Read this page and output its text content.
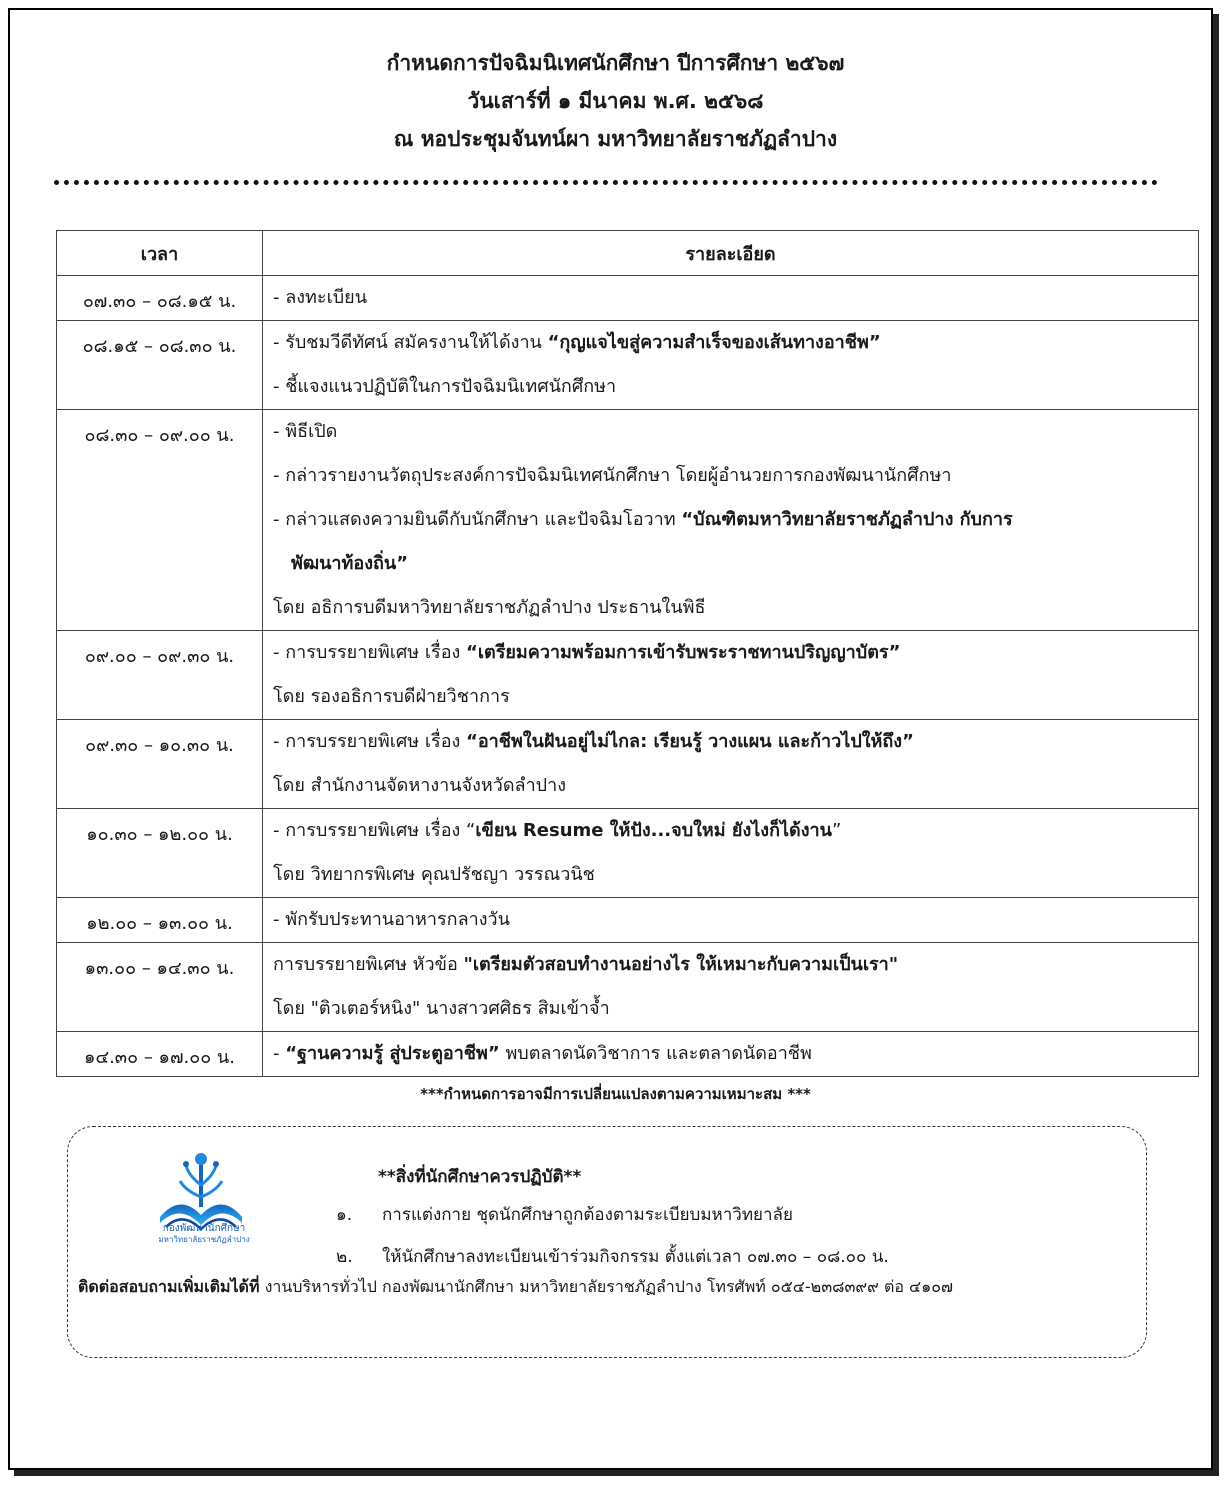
กำหนดการปัจฉิมนิเทศนักศึกษา ปีการศึกษา ๒๕๖๗
วันเสาร์ที่ ๑ มีนาคม พ.ศ. ๒๕๖๘
ณ หอประชุมจันทน์ผา มหาวิทยาลัยราชภัฏลำปาง
เวลา	รายละเอียด
๐๗.๓๐ – ๐๘.๑๕ น.	- ลงทะเบียน

๐๘.๑๕ – ๐๘.๓๐ น.	- รับชมวีดีทัศน์ สมัครงานให้ได้งาน “กุญแจไขสู่ความสำเร็จของเส้นทางอาชีพ”
- ชี้แจงแนวปฏิบัติในการปัจฉิมนิเทศนักศึกษา

๐๘.๓๐ – ๐๙.๐๐ น.	- พิธีเปิด
- กล่าวรายงานวัตถุประสงค์การปัจฉิมนิเทศนักศึกษา โดยผู้อำนวยการกองพัฒนานักศึกษา
- กล่าวแสดงความยินดีกับนักศึกษา และปัจฉิมโอวาท “บัณฑิตมหาวิทยาลัยราชภัฏลำปาง กับการ
พัฒนาท้องถิ่น”
โดย อธิการบดีมหาวิทยาลัยราชภัฏลำปาง ประธานในพิธี

๐๙.๐๐ – ๐๙.๓๐ น.	- การบรรยายพิเศษ เรื่อง “เตรียมความพร้อมการเข้ารับพระราชทานปริญญาบัตร”
โดย รองอธิการบดีฝ่ายวิชาการ

๐๙.๓๐ – ๑๐.๓๐ น.	- การบรรยายพิเศษ เรื่อง “อาชีพในฝันอยู่ไม่ไกล: เรียนรู้ วางแผน และก้าวไปให้ถึง”
โดย สำนักงานจัดหางานจังหวัดลำปาง

๑๐.๓๐ – ๑๒.๐๐ น.	- การบรรยายพิเศษ เรื่อง “เขียน Resume ให้ปัง...จบใหม่ ยังไงก็ได้งาน”
โดย วิทยากรพิเศษ คุณปรัชญา วรรณวนิช

๑๒.๐๐ – ๑๓.๐๐ น.	- พักรับประทานอาหารกลางวัน

๑๓.๐๐ – ๑๔.๓๐ น.	การบรรยายพิเศษ หัวข้อ "เตรียมตัวสอบทำงานอย่างไร ให้เหมาะกับความเป็นเรา"
โดย "ติวเตอร์หนิง" นางสาวศศิธร สิมเข้าจ้ำ

๑๔.๓๐ – ๑๗.๐๐ น.	- “ฐานความรู้ สู่ประตูอาชีพ” พบตลาดนัดวิชาการ และตลาดนัดอาชีพ
***กำหนดการอาจมีการเปลี่ยนแปลงตามความเหมาะสม ***
กองพัฒนานักศึกษา
มหาวิทยาลัยราชภัฏลำปาง
**สิ่งที่นักศึกษาควรปฏิบัติ**
๑. การแต่งกาย ชุดนักศึกษาถูกต้องตามระเบียบมหาวิทยาลัย
๒. ให้นักศึกษาลงทะเบียนเข้าร่วมกิจกรรม ตั้งแต่เวลา ๐๗.๓๐ – ๐๘.๐๐ น.
ติดต่อสอบถามเพิ่มเติมได้ที่ งานบริหารทั่วไป กองพัฒนานักศึกษา มหาวิทยาลัยราชภัฏลำปาง โทรศัพท์ ๐๕๔-๒๓๘๓๙๙ ต่อ ๔๑๐๗
